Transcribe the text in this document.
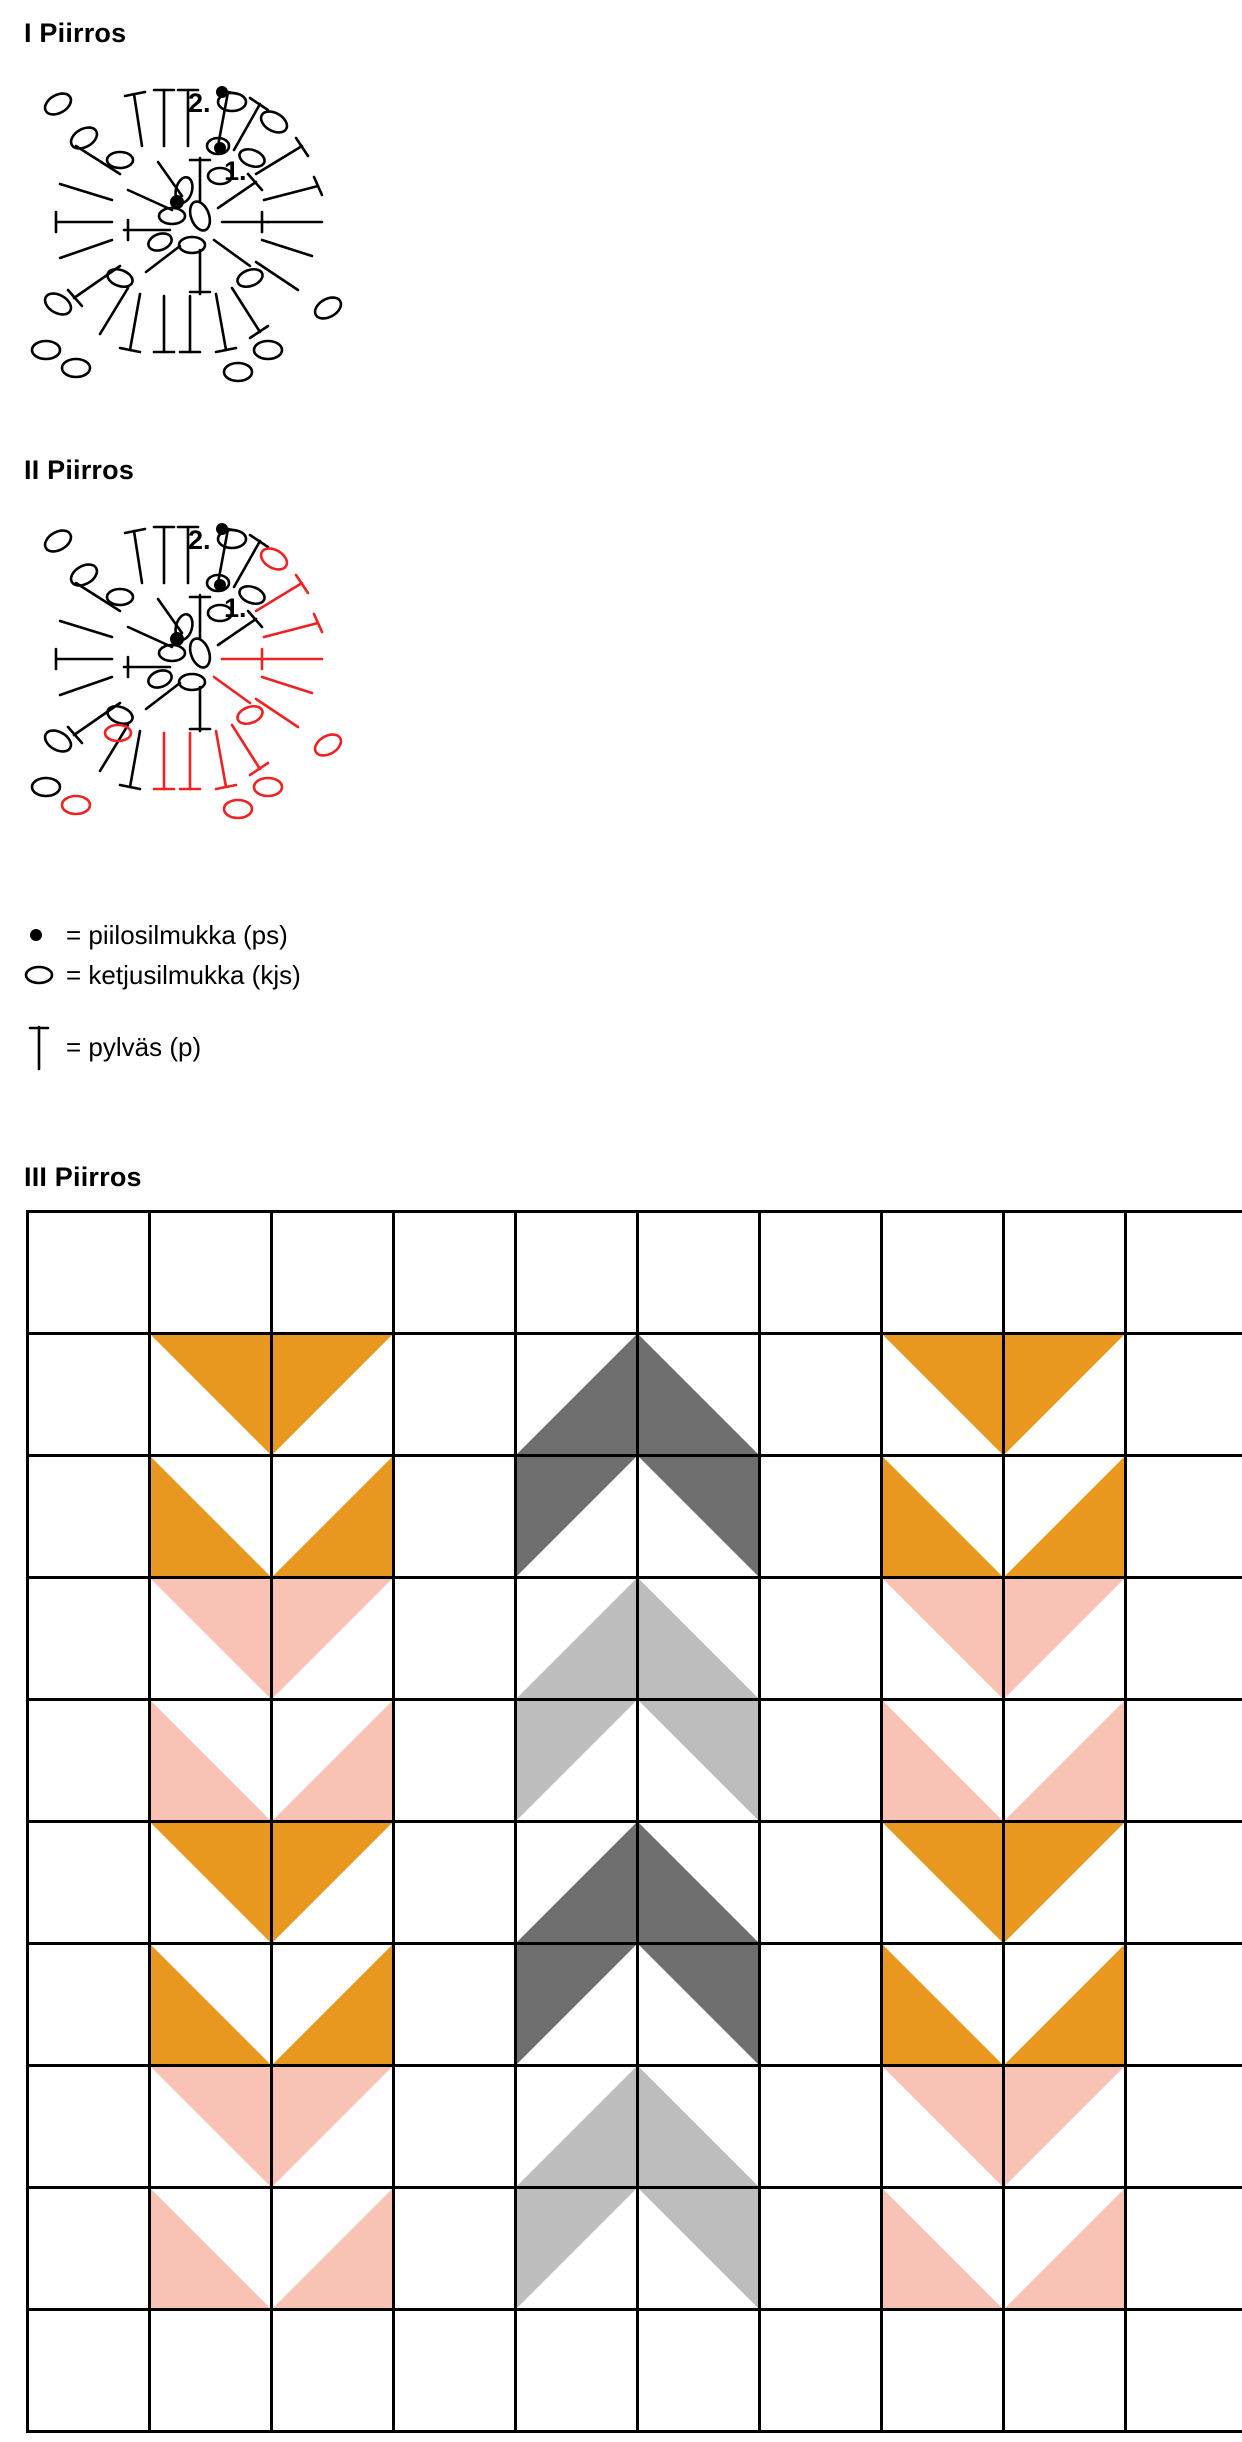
I Piirros
2.
1.
II Piirros
2.
1.
= piilosilmukka (ps)
= ketjusilmukka (kjs)
= pylväs (p)
III Piirros
